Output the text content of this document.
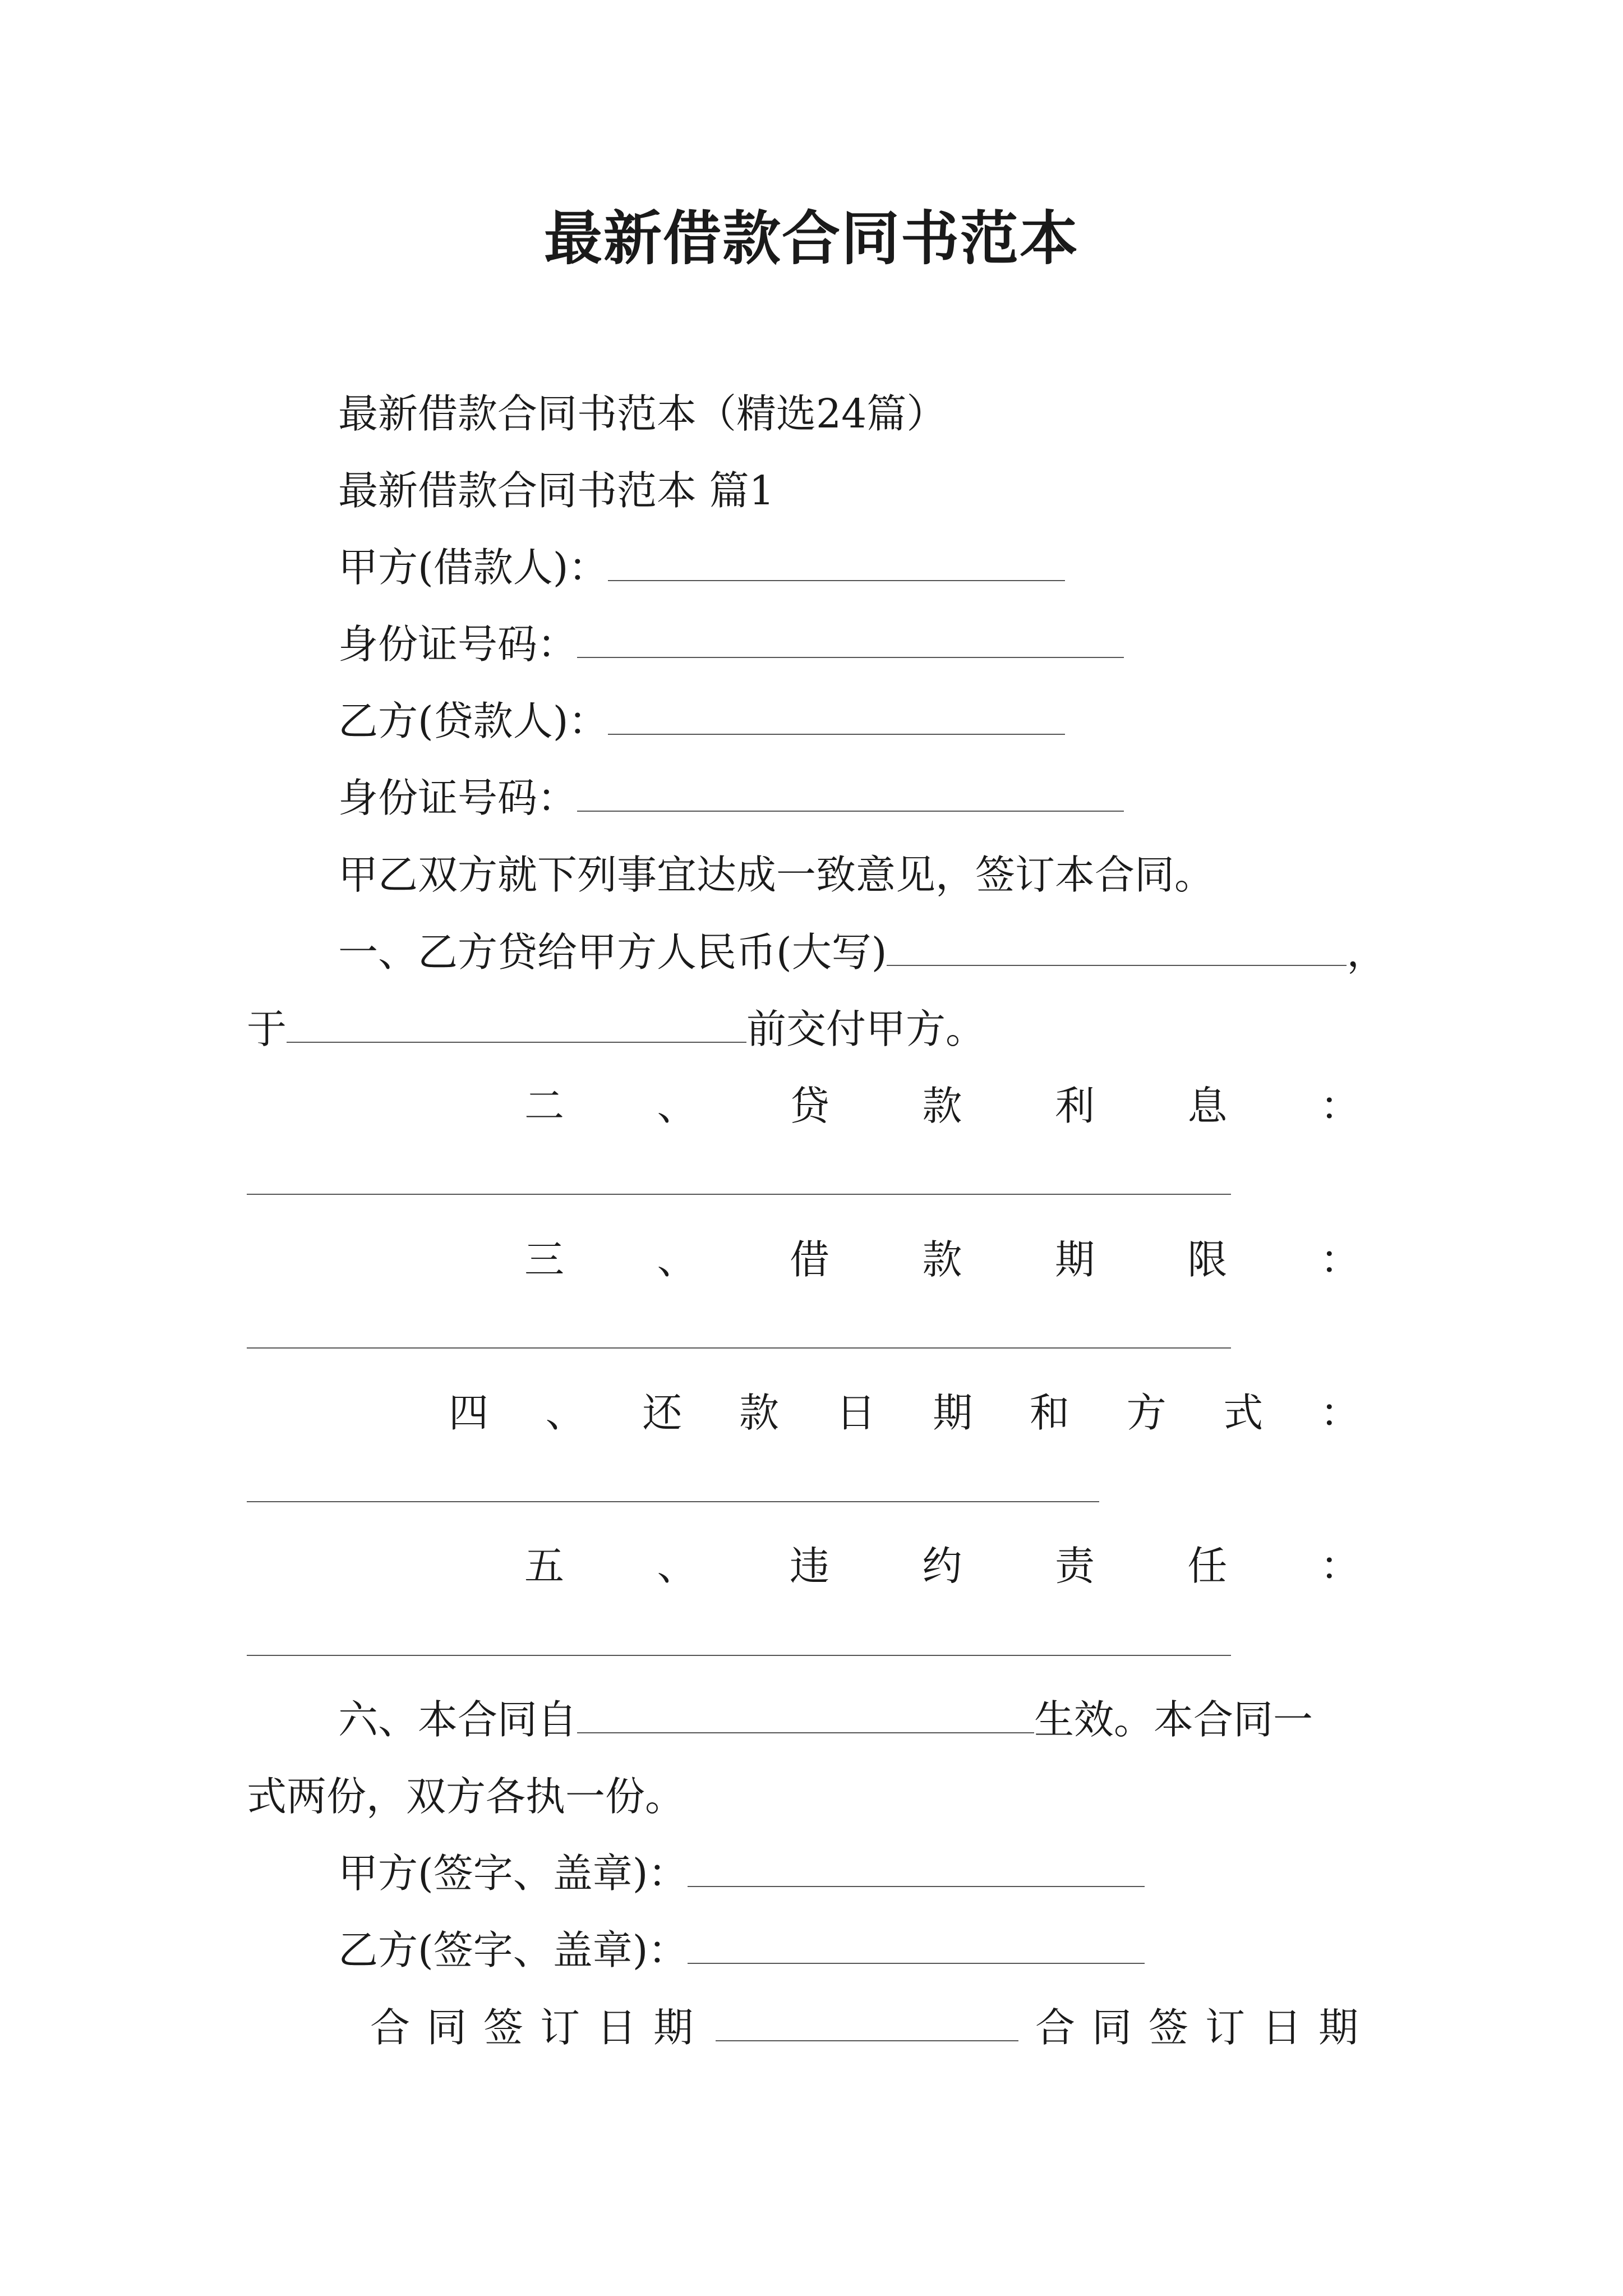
最新借款合同书范本
最新借款合同书范本（精选24篇）
最新借款合同书范本 篇1
甲方(借款人)：
身份证号码：
乙方(贷款人)：
身份证号码：
甲乙双方就下列事宜达成一致意见，签订本合同。
一、乙方贷给甲方人民币(大写)	，
于	前交付甲方。
二 、 贷 款 利 息 ：
三 、 借 款 期 限 ：
四 、 还 款 日 期 和 方 式 ：
五 、 违 约 责 任 ：
六、本合同自	生效。本合同一
式两份，双方各执一份。
甲方(签字、盖章)：
乙方(签字、盖章)：
合同签订日期	合同签订日期
